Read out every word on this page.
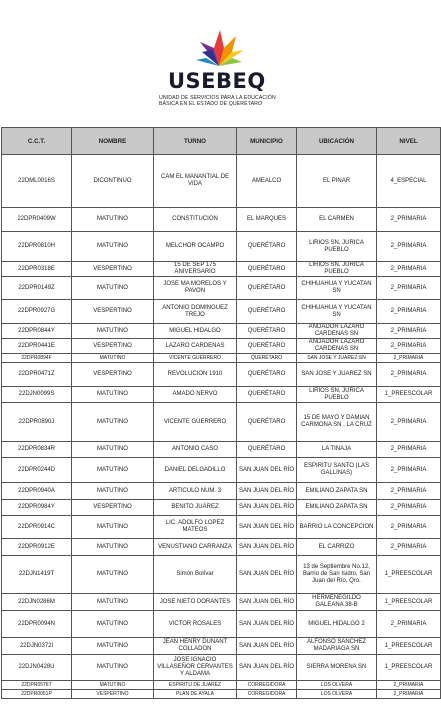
USEBEQ
UNIDAD DE SERVICIOS PARA LA EDUCACIÓN
BÁSICA EN EL ESTADO DE QUERÉTARO
C.C.T.	NOMBRE	TURNO	MUNICIPIO	UBICACIÓN	NIVEL
22DML0016S	DICONTINUO	CAM EL MANANTIAL DE VIDA	AMEALCO	EL PINAR	4_ESPECIAL
22DPR0409W	MATUTINO	CONSTITUCION	EL MARQUES	EL CARMEN	2_PRIMARIA
22DPR0810H	MATUTINO	MELCHOR OCAMPO	QUERÉTARO	LIRIOS SN, JURICA PUEBLO	2_PRIMARIA
22DPR0318E	VESPERTINO	15 DE SEP 175 ANIVERSARIO	QUERÉTARO	LIRIOS SN, JURICA PUEBLO	2_PRIMARIA
22DPR0149Z	MATUTINO	JOSE MA MORELOS Y PAVON	QUERÉTARO	CHIHUAHUA Y YUCATAN SN	2_PRIMARIA
22DPR0927G	VESPERTINO	ANTONIO DOMINGUEZ TREJO	QUERÉTARO	CHIHUAHUA Y YUCATAN SN	2_PRIMARIA
22DPR0844Y	MATUTINO	MIGUEL HIDALGO	QUERÉTARO	ANDADOR LAZARO CARDENAS SN	2_PRIMARIA
22DPR0441E	VESPERTINO	LAZARO CARDENAS	QUERÉTARO	ANDADOR LAZARO CARDENAS SN	2_PRIMARIA
22DPR0894F	MATUTINO	VICENTE GUERRERO	QUERÉTARO	SAN JOSE Y JUAREZ SN	2_PRIMARIA
22DPR0471Z	VESPERTINO	REVOLUCION 1910	QUERÉTARO	SAN JOSE Y JUAREZ SN	2_PRIMARIA
22DJN0099S	MATUTINO	AMADO NERVO	QUERÉTARO	LIRIOS SN, JURICA PUEBLO	1_PREESCOLAR
22DPR0890J	MATUTINO	VICENTE GUERRERO	QUERÉTARO	15 DE MAYO Y DAMIAN CARMONA SN , LA CRUZ	2_PRIMARIA
22DPR0834R	MATUTINO	ANTONIO CASO	QUERÉTARO	LA TINAJA	2_PRIMARIA
22DPR0244D	MATUTINO	DANIEL DELGADILLO	SAN JUAN DEL RÍO	ESPIRITU SANTO (LAS GALLINAS)	2_PRIMARIA
22DPR0940A	MATUTINO	ARTICULO NUM. 3	SAN JUAN DEL RÍO	EMILIANO ZAPATA SN	2_PRIMARIA
22DPR0984Y	VESPERTINO	BENITO JUÁREZ	SAN JUAN DEL RÍO	EMILIANO ZAPATA SN	2_PRIMARIA
22DPR0914C	MATUTINO	LIC. ADOLFO LOPEZ MATEOS	SAN JUAN DEL RÍO	BARRIO LA CONCEPCION	2_PRIMARIA
22DPR0912E	MATUTINO	VENUSTIANO CARRANZA	SAN JUAN DEL RÍO	EL CARRIZO	2_PRIMARIA
22DJN1419T	MATUTINO	Simón Bolívar	SAN JUAN DEL RÍO	13 de Septiembre No.12, Barrio de San Isidro, San Juan del Río, Qro.	1_PREESCOLAR
22DJN0286M	MATUTINO	JOSE NIETO DORANTES	SAN JUAN DEL RÍO	HERMENEGILDO GALEANA 38-B	1_PREESCOLAR
22DPR0094N	MATUTINO	VICTOR ROSALES	SAN JUAN DEL RÍO	MIGUEL HIDALGO 2	2_PRIMARIA
22DJN0372I	MATUTINO	JEAN HENRY DUNANT COLLADON	SAN JUAN DEL RÍO	ALFONSO SANCHEZ MADARIAGA SN	1_PREESCOLAR
22DJN0428U	MATUTINO	JOSE IGNACIO VILLASEÑOR CERVANTES Y ALDAMA	SAN JUAN DEL RÍO	SIERRA MORENA SN	1_PREESCOLAR
22DPR0576T	MATUTINO	ESPIRITU DE JUAREZ	CORREGIDORA	LOS OLVERA	2_PRIMARIA
22DPR0051P	VESPERTINO	PLAN DE AYALA	CORREGIDORA	LOS OLVERA	2_PRIMARIA
